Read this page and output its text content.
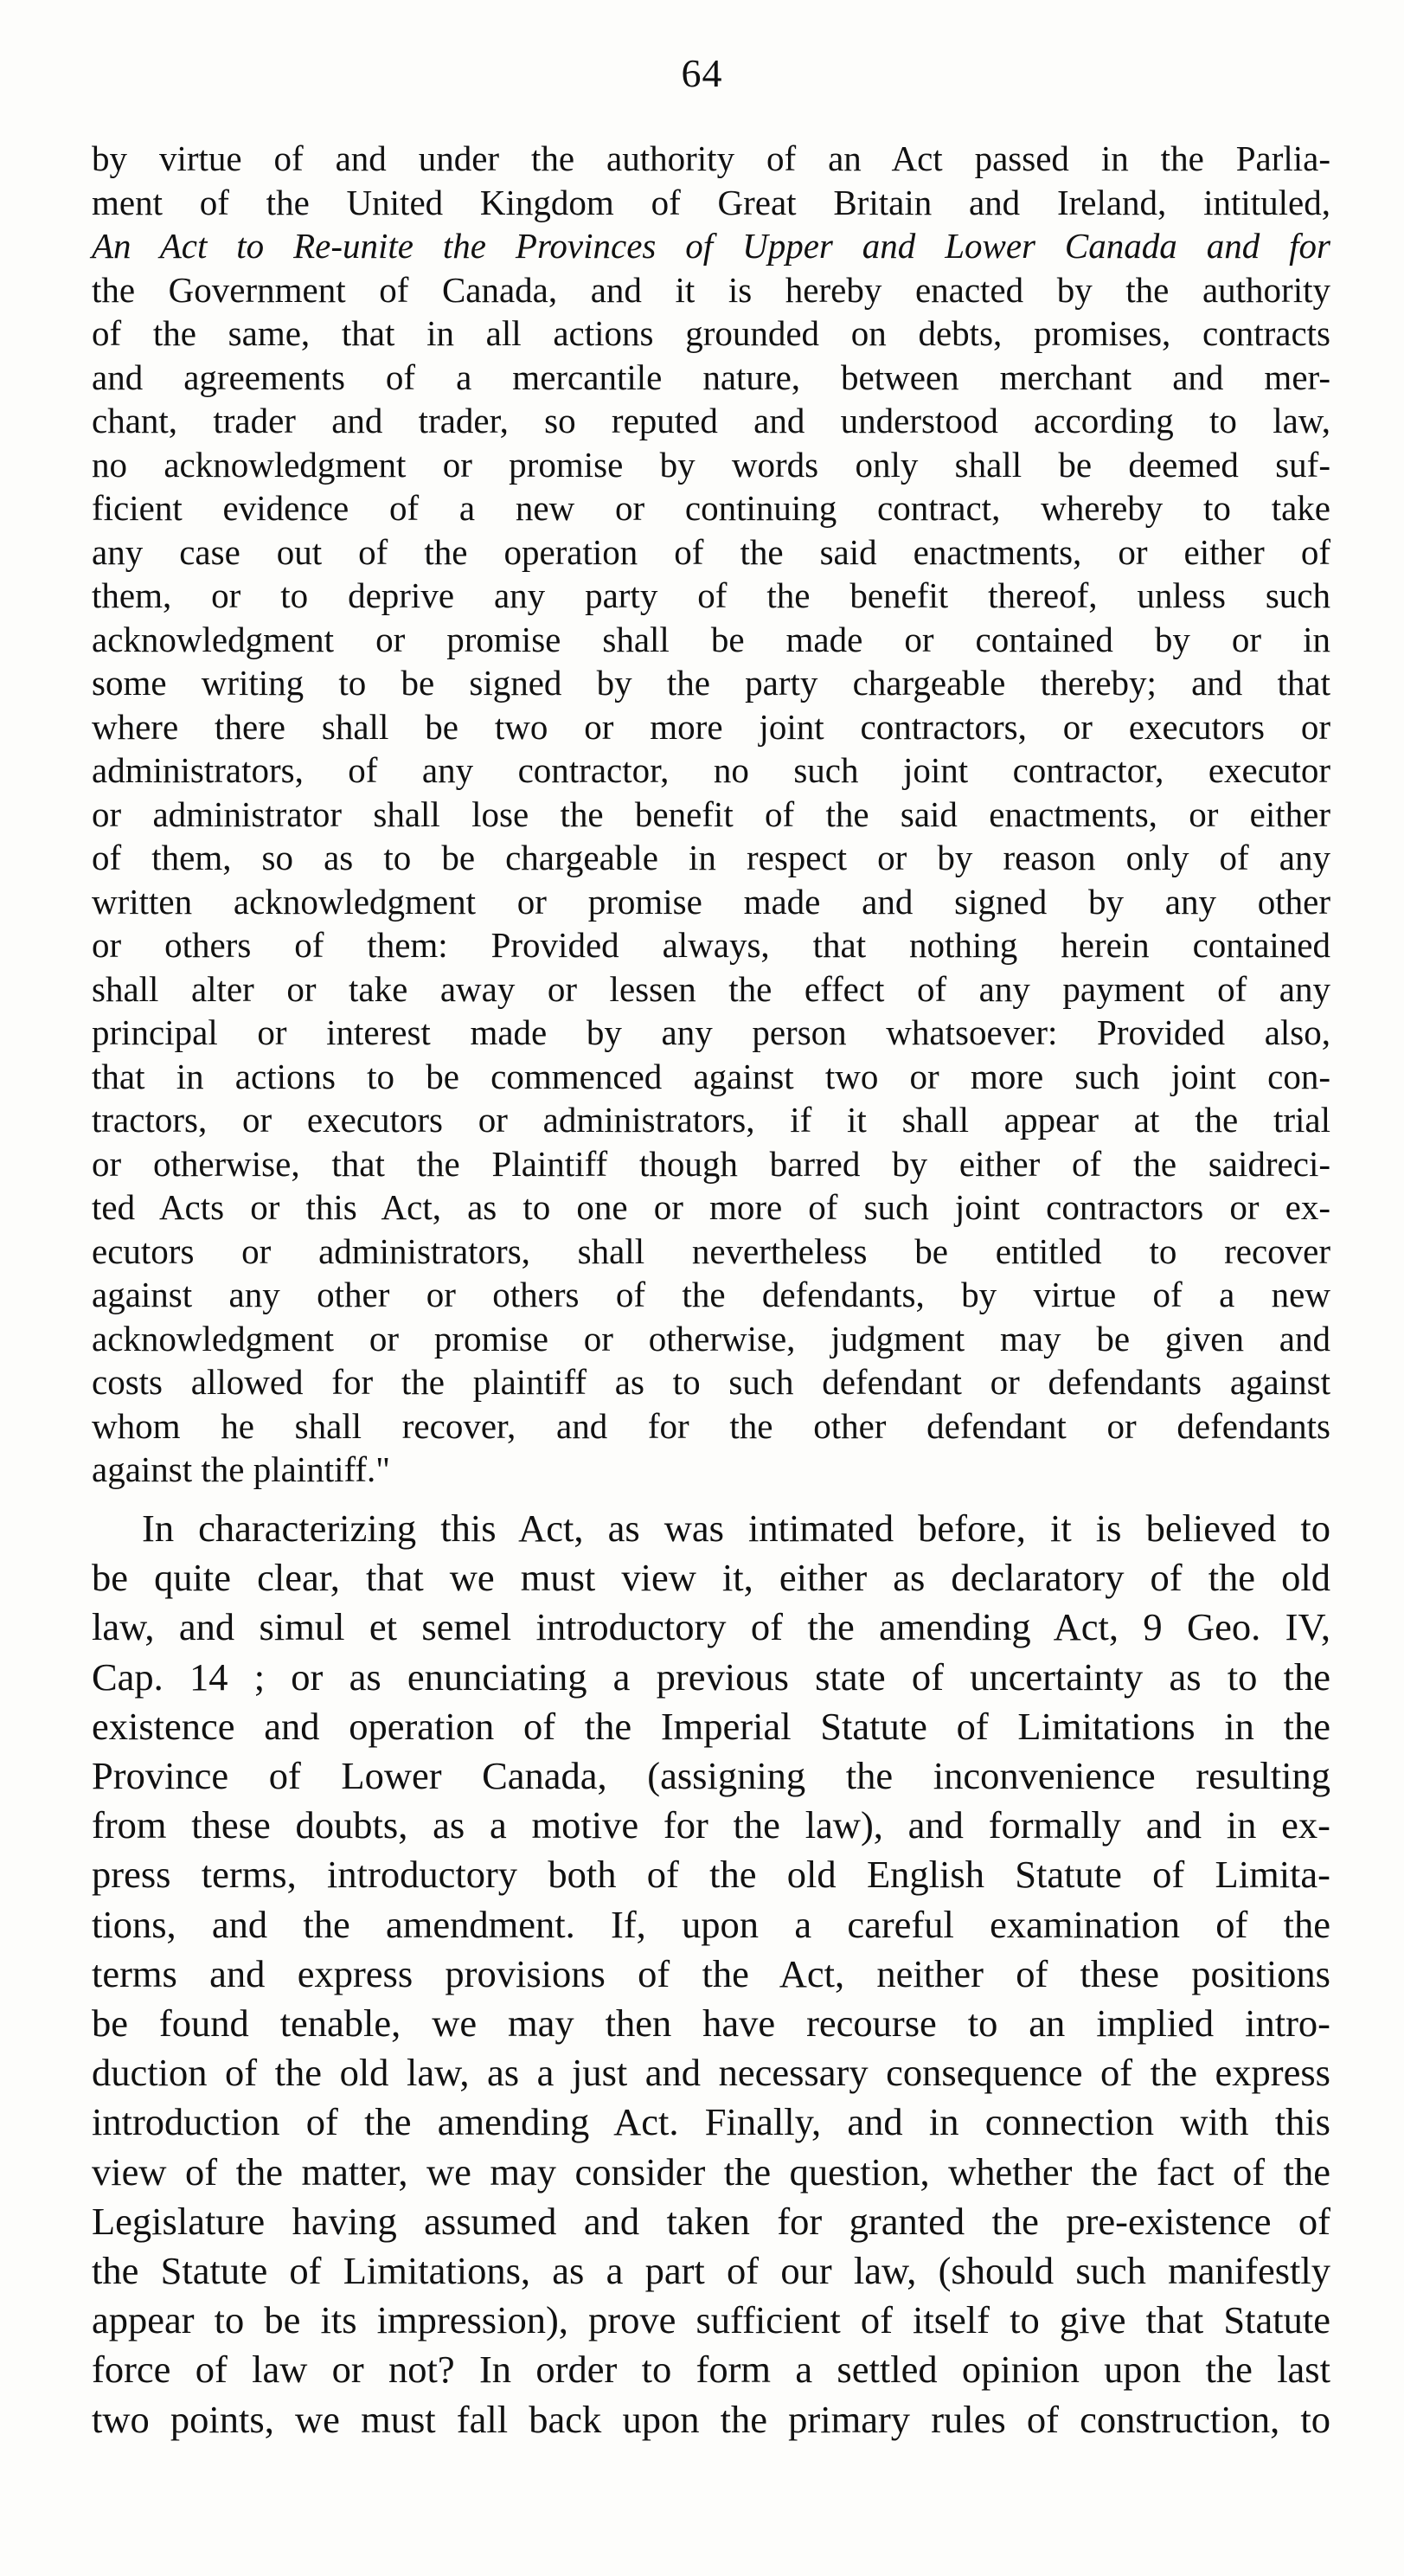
64
by virtue of and under the authority of an Act passed in the Parlia-
ment of the United Kingdom of Great Britain and Ireland, intituled,
An Act to Re-unite the Provinces of Upper and Lower Canada and for
the Government of Canada, and it is hereby enacted by the authority
of the same, that in all actions grounded on debts, promises, contracts
and agreements of a mercantile nature, between merchant and mer-
chant, trader and trader, so reputed and understood according to law,
no acknowledgment or promise by words only shall be deemed suf-
ficient evidence of a new or continuing contract, whereby to take
any case out of the operation of the said enactments, or either of
them, or to deprive any party of the benefit thereof, unless such
acknowledgment or promise shall be made or contained by or in
some writing to be signed by the party chargeable thereby; and that
where there shall be two or more joint contractors, or executors or
administrators, of any contractor, no such joint contractor, executor
or administrator shall lose the benefit of the said enactments, or either
of them, so as to be chargeable in respect or by reason only of any
written acknowledgment or promise made and signed by any other
or others of them: Provided always, that nothing herein contained
shall alter or take away or lessen the effect of any payment of any
principal or interest made by any person whatsoever: Provided also,
that in actions to be commenced against two or more such joint con-
tractors, or executors or administrators, if it shall appear at the trial
or otherwise, that the Plaintiff though barred by either of the saidreci-
ted Acts or this Act, as to one or more of such joint contractors or ex-
ecutors or administrators, shall nevertheless be entitled to recover
against any other or others of the defendants, by virtue of a new
acknowledgment or promise or otherwise, judgment may be given and
costs allowed for the plaintiff as to such defendant or defendants against
whom he shall recover, and for the other defendant or defendants
against the plaintiff."
In characterizing this Act, as was intimated before, it is believed to
be quite clear, that we must view it, either as declaratory of the old
law, and simul et semel introductory of the amending Act, 9 Geo. IV,
Cap. 14 ; or as enunciating a previous state of uncertainty as to the
existence and operation of the Imperial Statute of Limitations in the
Province of Lower Canada, (assigning the inconvenience resulting
from these doubts, as a motive for the law), and formally and in ex-
press terms, introductory both of the old English Statute of Limita-
tions, and the amendment. If, upon a careful examination of the
terms and express provisions of the Act, neither of these positions
be found tenable, we may then have recourse to an implied intro-
duction of the old law, as a just and necessary consequence of the express
introduction of the amending Act. Finally, and in connection with this
view of the matter, we may consider the question, whether the fact of the
Legislature having assumed and taken for granted the pre-existence of
the Statute of Limitations, as a part of our law, (should such manifestly
appear to be its impression), prove sufficient of itself to give that Statute
force of law or not? In order to form a settled opinion upon the last
two points, we must fall back upon the primary rules of construction, to
